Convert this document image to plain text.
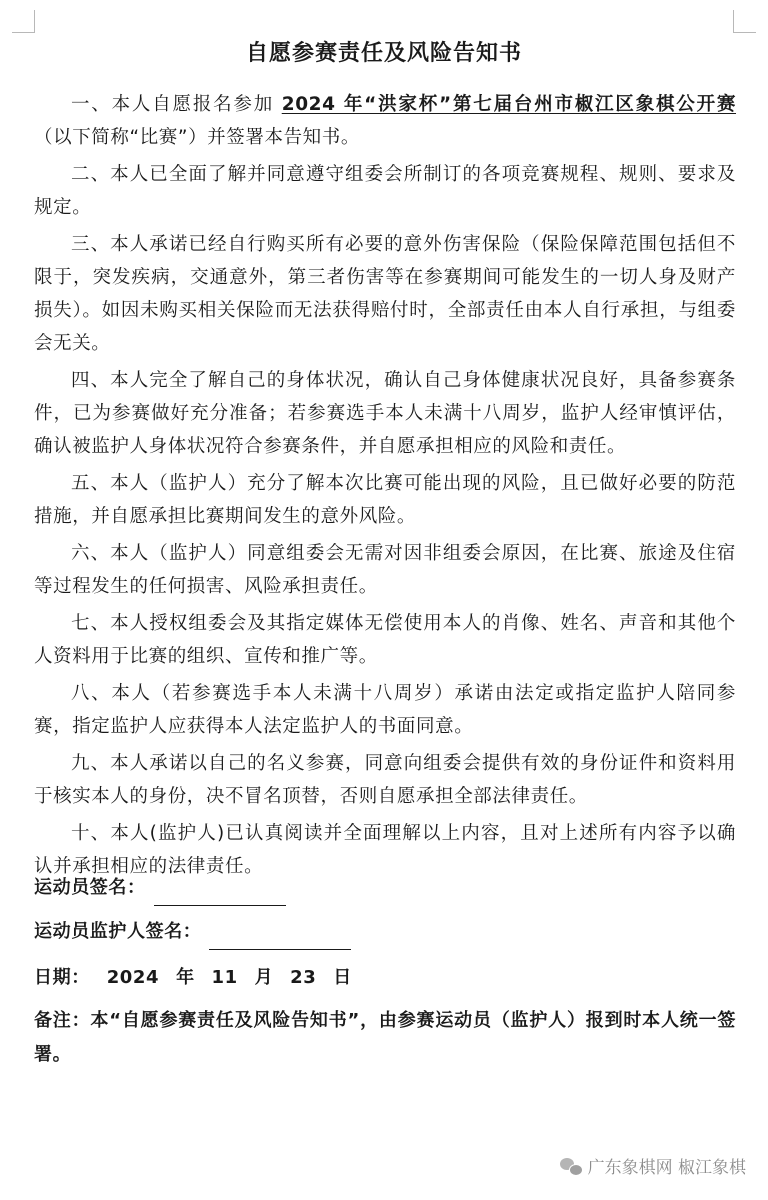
自愿参赛责任及风险告知书

一、本人自愿报名参加 2024 年“洪家杯”第七届台州市椒江区象棋公开赛（以下简称“比赛”）并签署本告知书。

二、本人已全面了解并同意遵守组委会所制订的各项竞赛规程、规则、要求及规定。

三、本人承诺已经自行购买所有必要的意外伤害保险（保险保障范围包括但不限于，突发疾病，交通意外，第三者伤害等在参赛期间可能发生的一切人身及财产损失）。如因未购买相关保险而无法获得赔付时，全部责任由本人自行承担，与组委会无关。

四、本人完全了解自己的身体状况，确认自己身体健康状况良好，具备参赛条件，已为参赛做好充分准备；若参赛选手本人未满十八周岁，监护人经审慎评估，确认被监护人身体状况符合参赛条件，并自愿承担相应的风险和责任。

五、本人（监护人）充分了解本次比赛可能出现的风险，且已做好必要的防范措施，并自愿承担比赛期间发生的意外风险。

六、本人（监护人）同意组委会无需对因非组委会原因，在比赛、旅途及住宿等过程发生的任何损害、风险承担责任。

七、本人授权组委会及其指定媒体无偿使用本人的肖像、姓名、声音和其他个人资料用于比赛的组织、宣传和推广等。

八、本人（若参赛选手本人未满十八周岁）承诺由法定或指定监护人陪同参赛，指定监护人应获得本人法定监护人的书面同意。

九、本人承诺以自己的名义参赛，同意向组委会提供有效的身份证件和资料用于核实本人的身份，决不冒名顶替，否则自愿承担全部法律责任。

十、本人(监护人)已认真阅读并全面理解以上内容，且对上述所有内容予以确认并承担相应的法律责任。

运动员签名：
运动员监护人签名：
日期： 2024 年 11 月 23 日
备注：本“自愿参赛责任及风险告知书”，由参赛运动员（监护人）报到时本人统一签署。
广东象棋网 椒江象棋
